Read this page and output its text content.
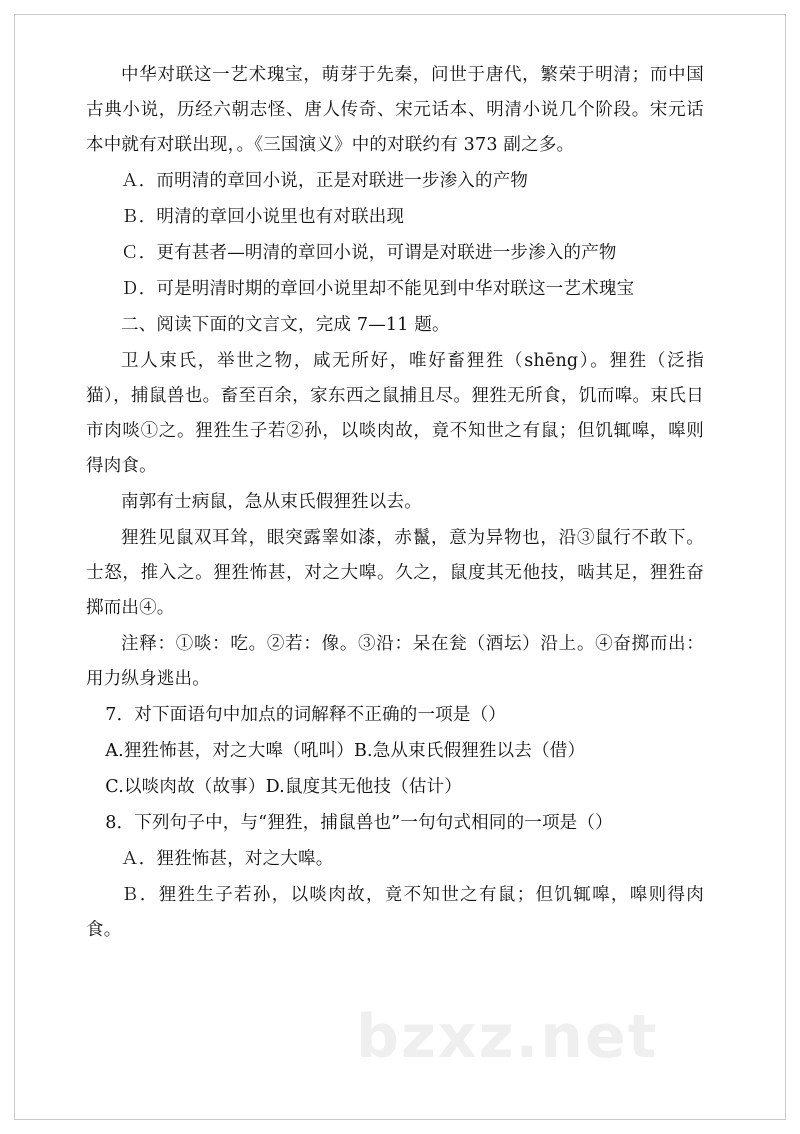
中华对联这一艺术瑰宝，萌芽于先秦，问世于唐代，繁荣于明清；而中国古典小说，历经六朝志怪、唐人传奇、宋元话本、明清小说几个阶段。宋元话本中就有对联出现，。《三国演义》中的对联约有 373 副之多。

Ａ．而明清的章回小说，正是对联进一步渗入的产物

Ｂ．明清的章回小说里也有对联出现

Ｃ．更有甚者—明清的章回小说，可谓是对联进一步渗入的产物

Ｄ．可是明清时期的章回小说里却不能见到中华对联这一艺术瑰宝

二、阅读下面的文言文，完成 7—11 题。

卫人束氏，举世之物，咸无所好，唯好畜狸狌（shēng）。狸狌（泛指猫），捕鼠兽也。畜至百余，家东西之鼠捕且尽。狸狌无所食，饥而嗥。束氏日市肉啖①之。狸狌生子若②孙，以啖肉故，竟不知世之有鼠；但饥辄嗥，嗥则得肉食。

南郭有士病鼠，急从束氏假狸狌以去。

狸狌见鼠双耳耸，眼突露睾如漆，赤鬣，意为异物也，沿③鼠行不敢下。士怒，推入之。狸狌怖甚，对之大嗥。久之，鼠度其无他技，啮其足，狸狌奋掷而出④。

注释：①啖：吃。②若：像。③沿：呆在瓮（酒坛）沿上。④奋掷而出：用力纵身逃出。

7．对下面语句中加点的词解释不正确的一项是（）

A.狸狌怖甚，对之大嗥（吼叫）B.急从束氏假狸狌以去（借）

C.以啖肉故（故事）D.鼠度其无他技（估计）

8．下列句子中，与“狸狌，捕鼠兽也”一句句式相同的一项是（）

Ａ．狸狌怖甚，对之大嗥。

Ｂ．狸狌生子若孙，以啖肉故，竟不知世之有鼠；但饥辄嗥，嗥则得肉食。

bzxz.net
